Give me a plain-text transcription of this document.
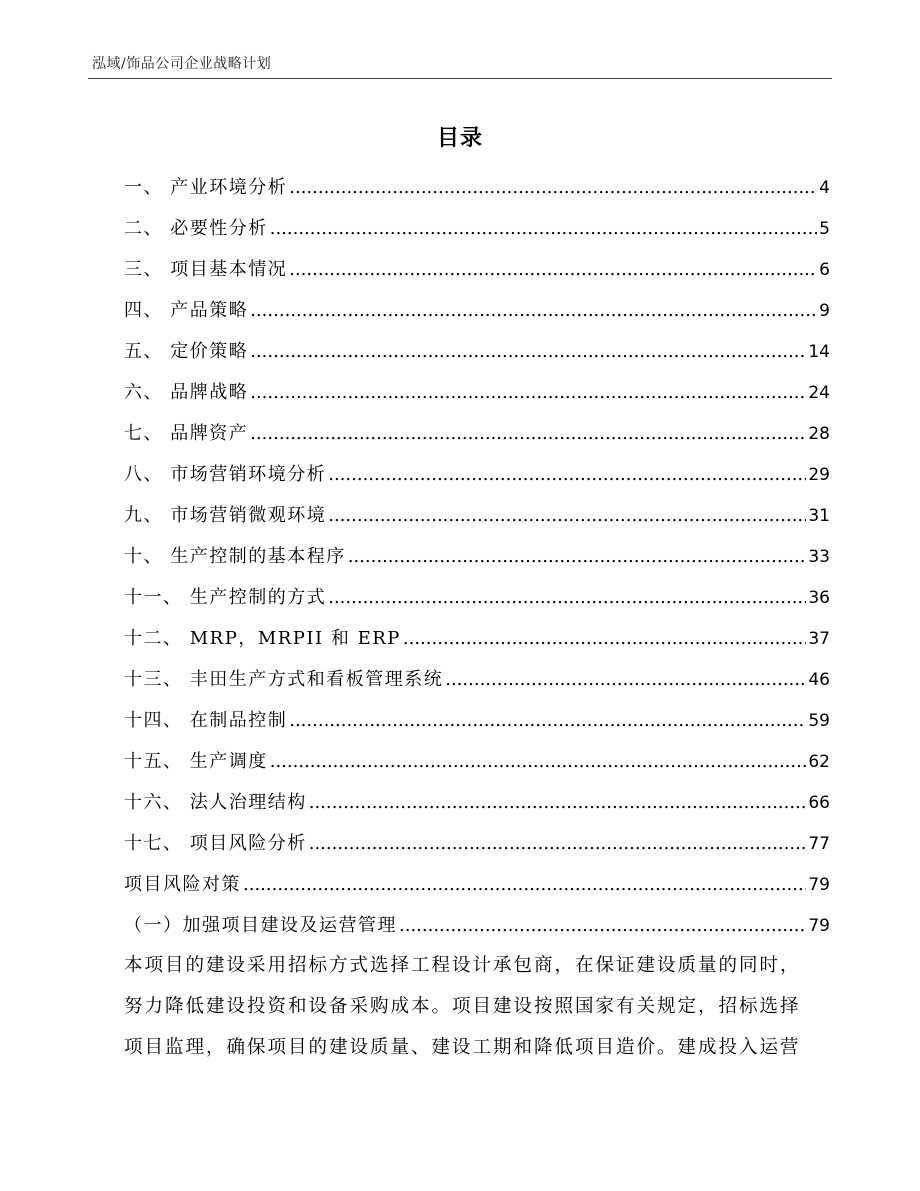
泓域/饰品公司企业战略计划
目录
一、 产业环境分析 .....	4
二、 必要性分析 .....	5
三、 项目基本情况 .....	6
四、 产品策略 .....	9
五、 定价策略 .....	14
六、 品牌战略 .....	24
七、 品牌资产 .....	28
八、 市场营销环境分析 .....	29
九、 市场营销微观环境 .....	31
十、 生产控制的基本程序 .....	33
十一、 生产控制的方式 .....	36
十二、 MRP，MRPII 和 ERP .....	37
十三、 丰田生产方式和看板管理系统 .....	46
十四、 在制品控制 .....	59
十五、 生产调度 .....	62
十六、 法人治理结构 .....	66
十七、 项目风险分析 .....	77
项目风险对策 .....	79
（一）加强项目建设及运营管理 .....	79

本项目的建设采用招标方式选择工程设计承包商，在保证建设质量的同时，
努力降低建设投资和设备采购成本。项目建设按照国家有关规定，招标选择
项目监理，确保项目的建设质量、建设工期和降低项目造价。建成投入运营
